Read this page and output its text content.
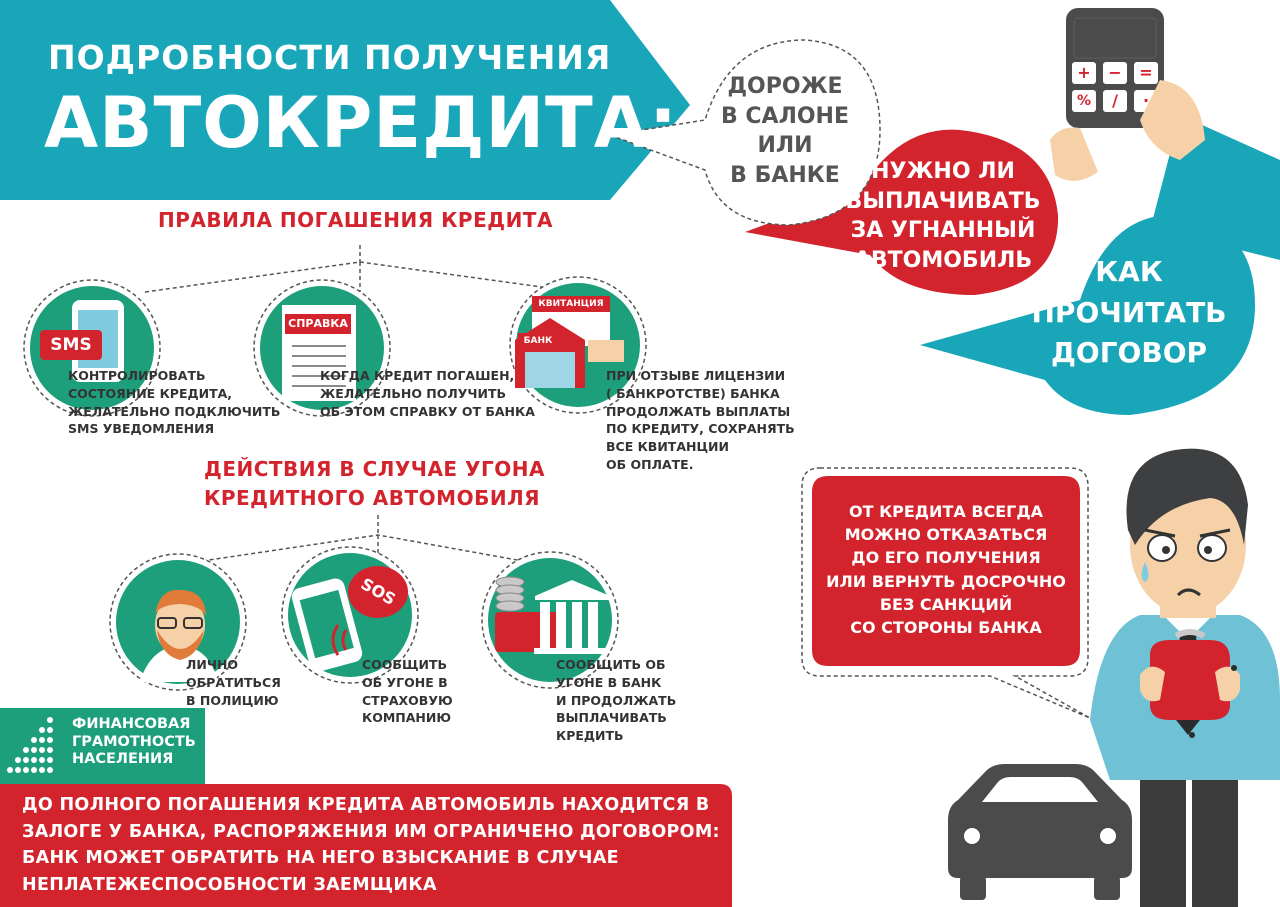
ПОДРОБНОСТИ ПОЛУЧЕНИЯ
АВТОКРЕДИТА:
+	−	=
%	/	·
ДОРОЖЕ
В САЛОНЕ
ИЛИ
В БАНКЕ	НУЖНО ЛИ
ВЫПЛАЧИВАТЬ
ЗА УГНАННЫЙ
АВТОМОБИЛЬ	КАК
ПРОЧИТАТЬ
ДОГОВОР
ПРАВИЛА ПОГАШЕНИЯ КРЕДИТА
SMS
КОНТРОЛИРОВАТЬ
СОСТОЯНИЕ КРЕДИТА,
ЖЕЛАТЕЛЬНО ПОДКЛЮЧИТЬ
SMS УВЕДОМЛЕНИЯ
СПРАВКА
КОГДА КРЕДИТ ПОГАШЕН,
ЖЕЛАТЕЛЬНО ПОЛУЧИТЬ
ОБ ЭТОМ СПРАВКУ ОТ БАНКА
КВИТАНЦИЯ
БАНК
ПРИ ОТЗЫВЕ ЛИЦЕНЗИИ
( БАНКРОТСТВЕ) БАНКА
ПРОДОЛЖАТЬ ВЫПЛАТЫ
ПО КРЕДИТУ, СОХРАНЯТЬ
ВСЕ КВИТАНЦИИ
ОБ ОПЛАТЕ.
ДЕЙСТВИЯ В СЛУЧАЕ УГОНА
КРЕДИТНОГО АВТОМОБИЛЯ
ЛИЧНО
ОБРАТИТЬСЯ
В ПОЛИЦИЮ
SOS
СООБЩИТЬ
ОБ УГОНЕ В
СТРАХОВУЮ
КОМПАНИЮ
СООБЩИТЬ ОБ
УГОНЕ В БАНК
И ПРОДОЛЖАТЬ
ВЫПЛАЧИВАТЬ
КРЕДИТЬ
ОТ КРЕДИТА ВСЕГДА
МОЖНО ОТКАЗАТЬСЯ
ДО ЕГО ПОЛУЧЕНИЯ
ИЛИ ВЕРНУТЬ ДОСРОЧНО
БЕЗ САНКЦИЙ
СО СТОРОНЫ БАНКА
ФИНАНСОВАЯ
ГРАМОТНОСТЬ
НАСЕЛЕНИЯ
ДО ПОЛНОГО ПОГАШЕНИЯ КРЕДИТА АВТОМОБИЛЬ НАХОДИТСЯ В
ЗАЛОГЕ У БАНКА, РАСПОРЯЖЕНИЯ ИМ ОГРАНИЧЕНО ДОГОВОРОМ:
БАНК МОЖЕТ ОБРАТИТЬ НА НЕГО ВЗЫСКАНИЕ В СЛУЧАЕ
НЕПЛАТЕЖЕСПОСОБНОСТИ ЗАЕМЩИКА
